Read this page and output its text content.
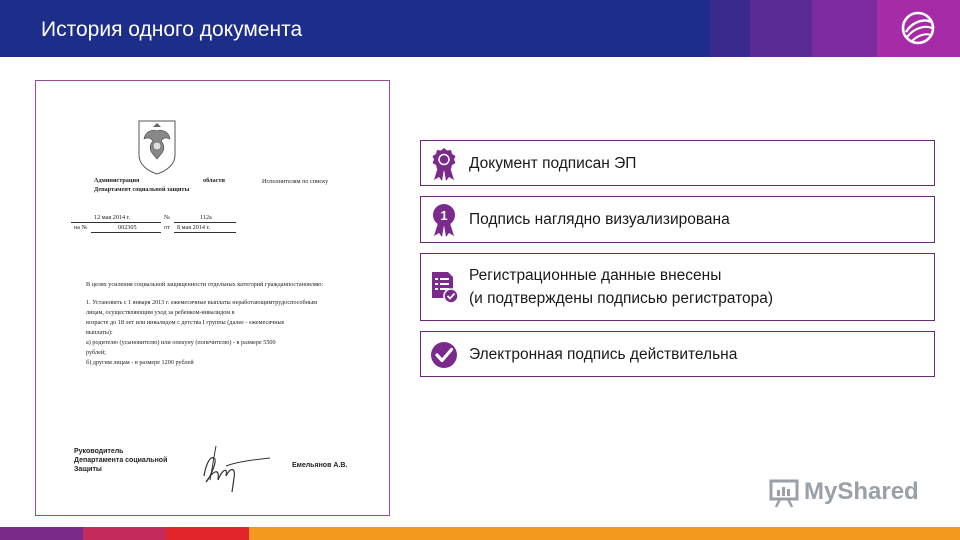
История одного документа
Администрация	области
Департамент социальной защиты
Исполнителям по списку
12 мая 2014 г.	№	112а
на №	002305	от 8 мая 2014 г.
В целях усиления социальной защищенности отдельных категорий гражданпостановляю:
1. Установить с 1 января 2013 г. ежемесячные выплаты неработающимтрудоспособным
лицам, осуществляющим уход за ребенком-инвалидом в
возрасте до 18 лет или инвалидом с детства I группы (далее - ежемесячные
выплаты):
а) родителю (усыновителю) или опекуну (попечителю) - в размере 5500
рублей;
б) другим лицам - в размере 1200 рублей
Руководитель
Департамента социальной
Защиты
Емельянов А.В.
Документ подписан ЭП
1 Подпись наглядно визуализирована
Регистрационные данные внесены
(и подтверждены подписью регистратора)
Электронная подпись действительна
MyShared
